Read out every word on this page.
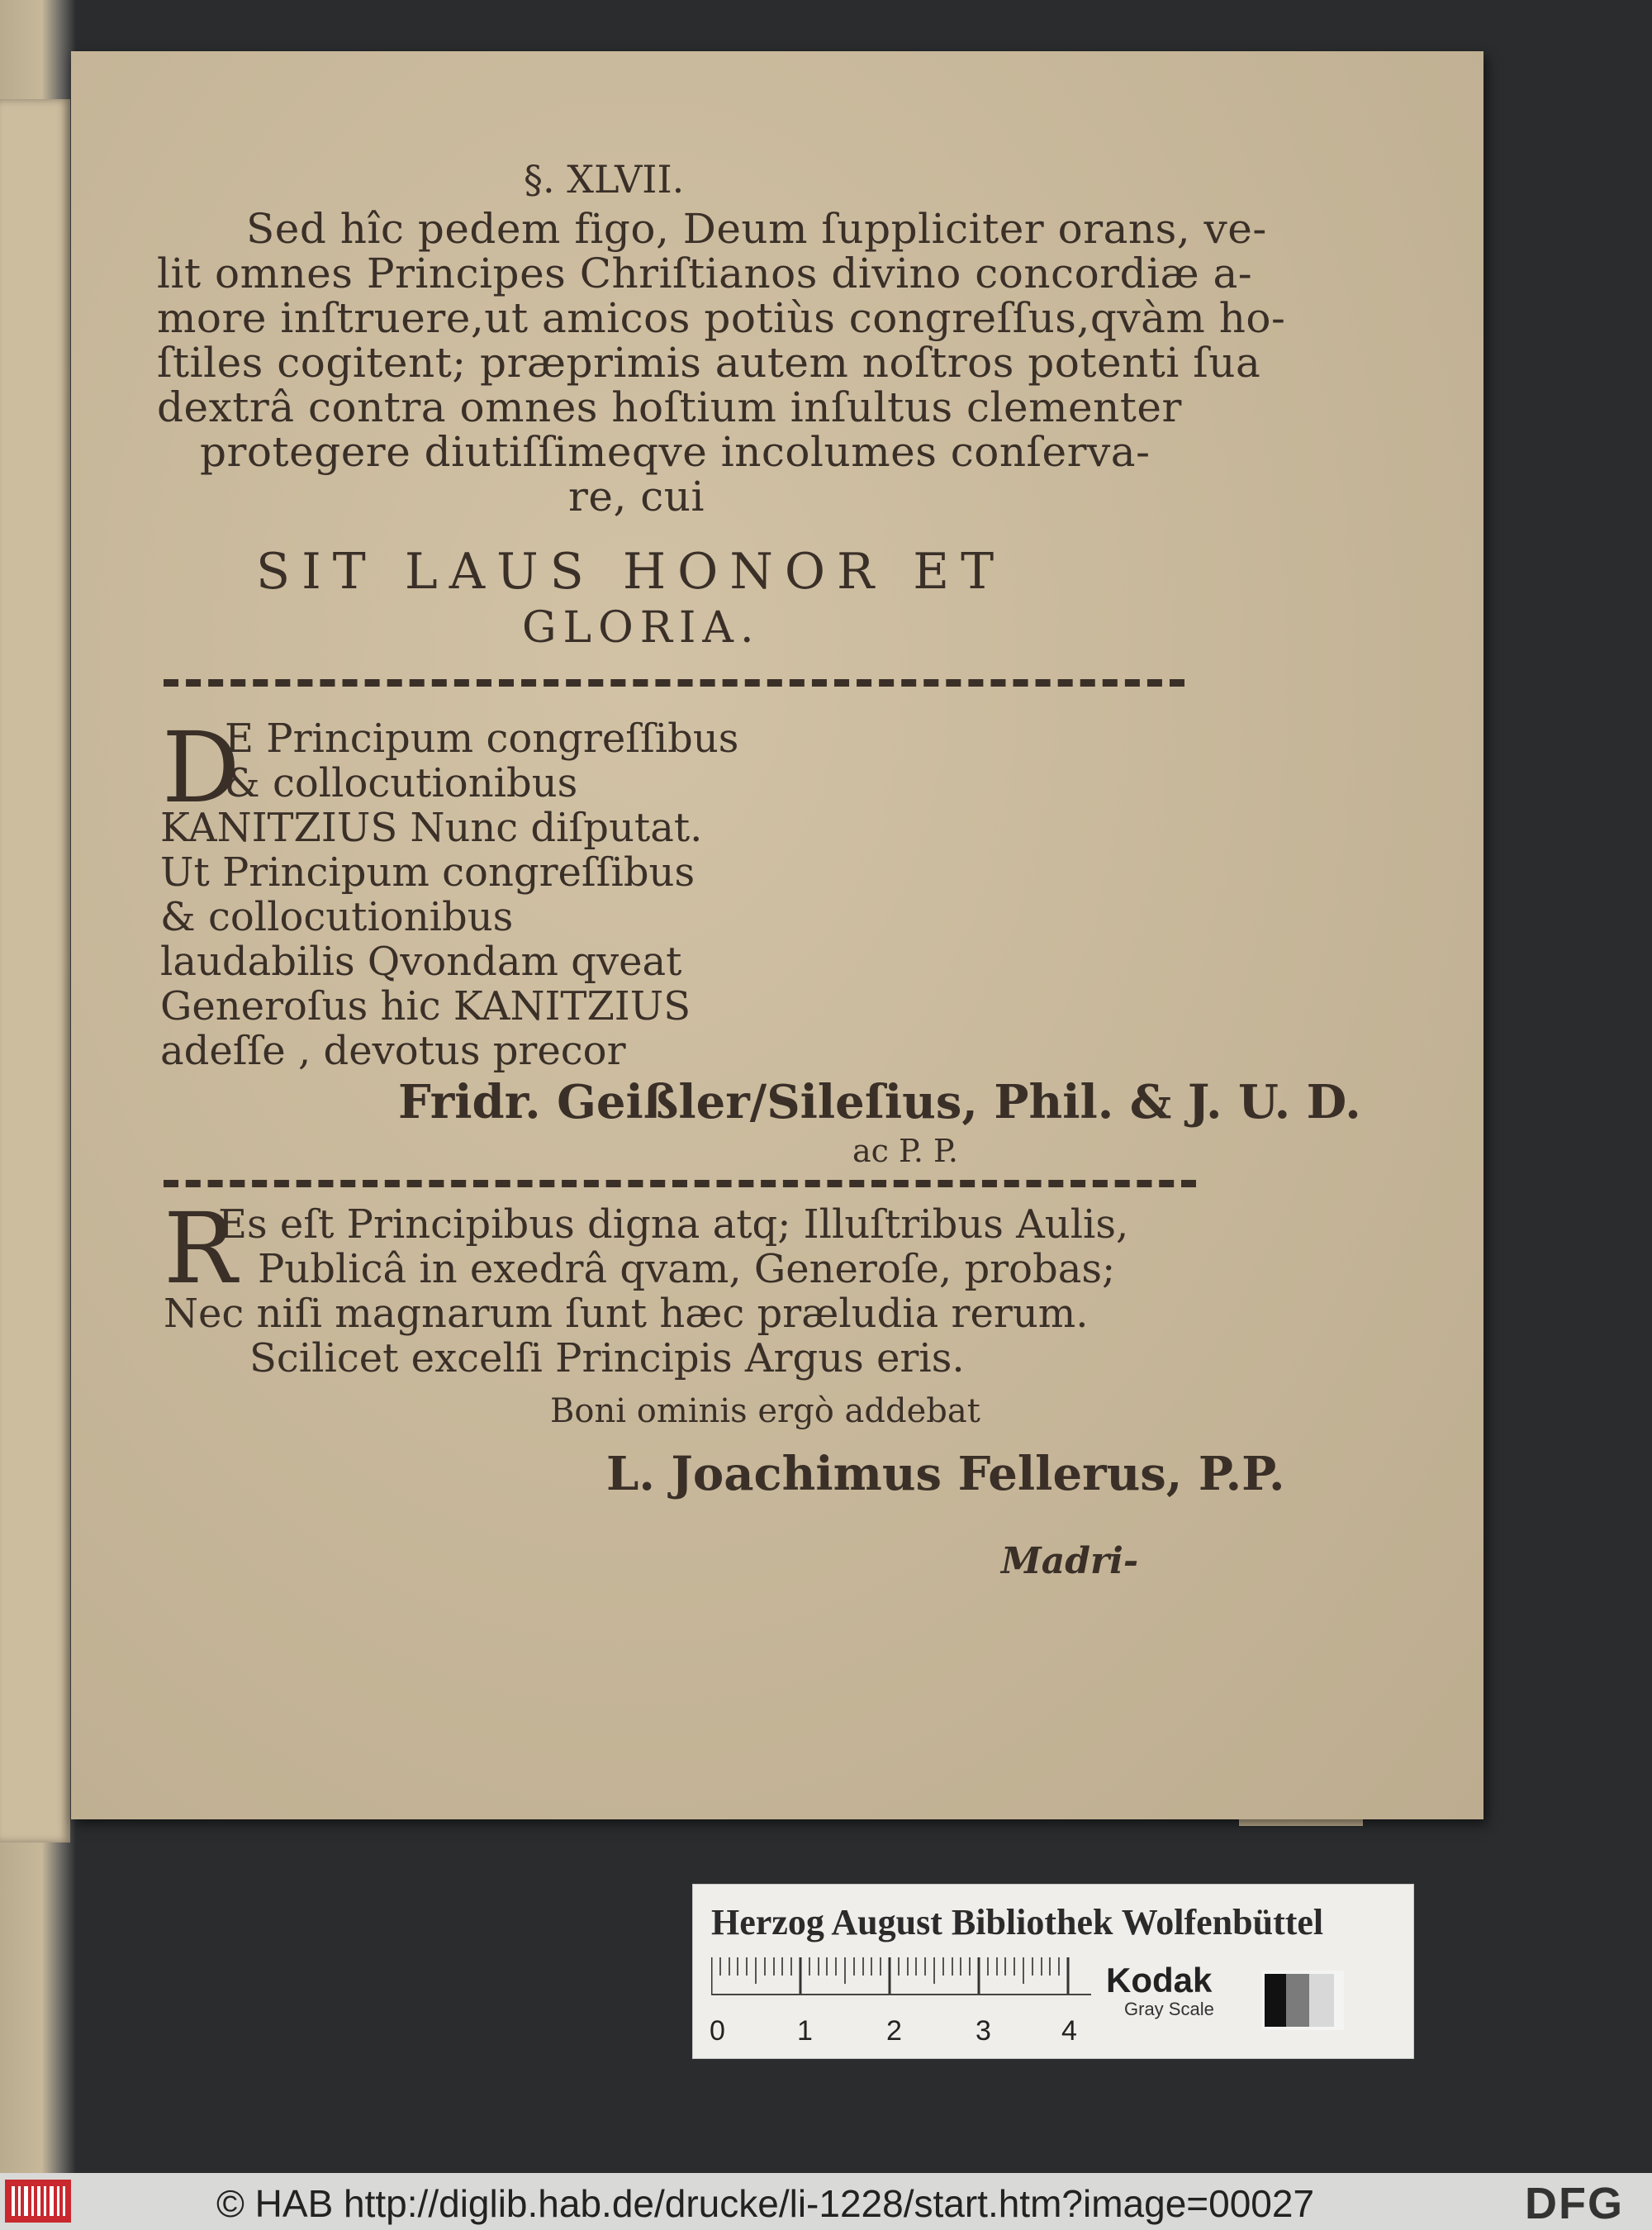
§. XLVII.
Sed hîc pedem figo, Deum ſuppliciter orans, ve-
lit omnes Principes Chriſtianos divino concordiæ a-
more inſtruere,ut amicos potiùs congreſſus,qvàm ho-
ſtiles cogitent; præprimis autem noſtros potenti ſua
dextrâ contra omnes hoſtium inſultus clementer
protegere diutiſſimeqve incolumes conſerva-
re, cui
SIT LAUS HONOR ET
GLORIA.
D
E Principum congreſſibus
& collocutionibus
KANITZIUS Nunc diſputat.
Ut Principum congreſſibus
& collocutionibus
laudabilis Qvondam qveat
Generoſus hic KANITZIUS
adeſſe , devotus precor
Fridr. Geißler/Sileſius, Phil. & J. U. D.
ac P. P.
R
Es eſt Principibus digna atq; Illuſtribus Aulis,
Publicâ in exedrâ qvam, Generoſe, probas;
Nec niſi magnarum ſunt hæc præludia rerum.
Scilicet excelſi Principis Argus eris.
Boni ominis ergò addebat
L. Joachimus Fellerus, P.P.
Madri-
Herzog August Bibliothek Wolfenbüttel
0	1	2	3	4
Kodak
Gray Scale
© HAB http://diglib.hab.de/drucke/li-1228/start.htm?image=00027	DFG
